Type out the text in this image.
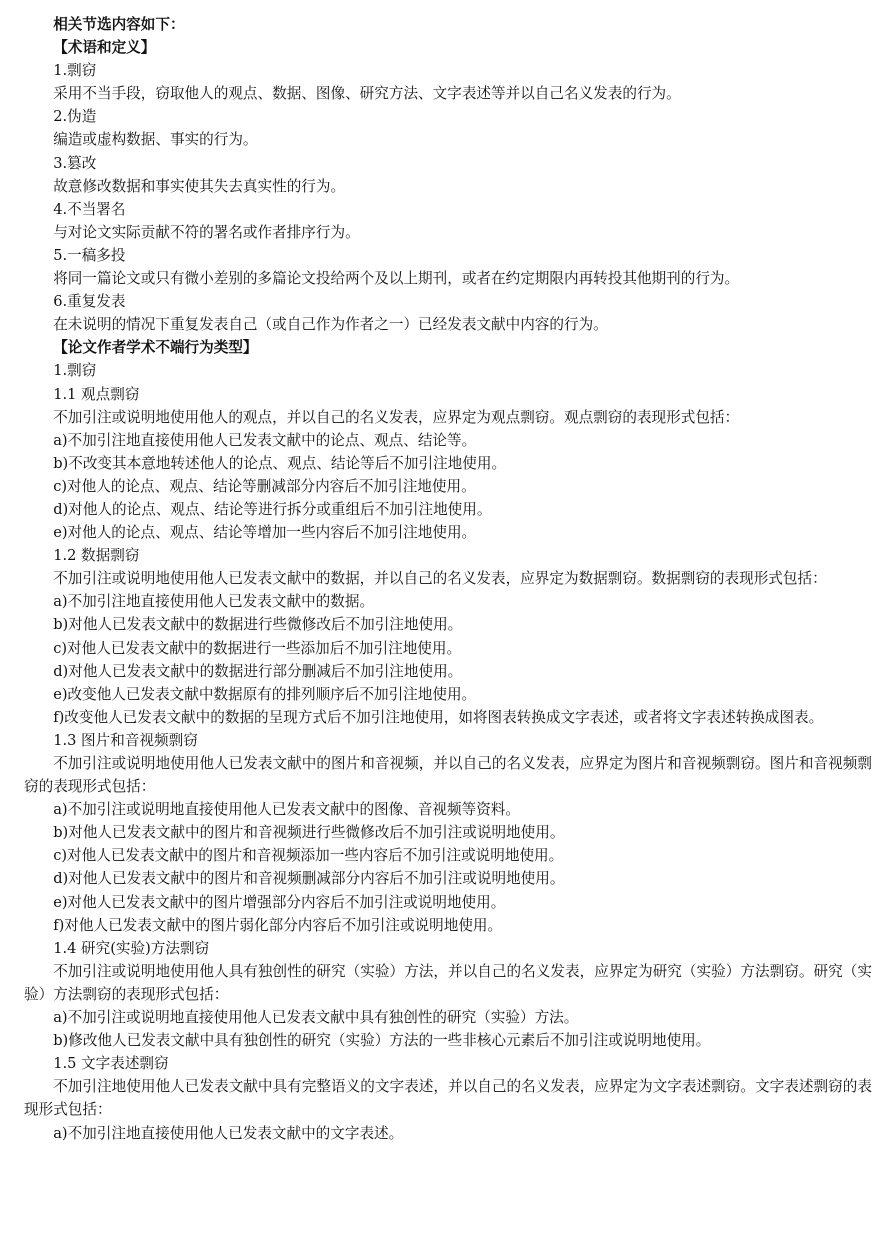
相关节选内容如下：

【术语和定义】

1.剽窃

采用不当手段，窃取他人的观点、数据、图像、研究方法、文字表述等并以自己名义发表的行为。

2.伪造

编造或虚构数据、事实的行为。

3.篡改

故意修改数据和事实使其失去真实性的行为。

4.不当署名

与对论文实际贡献不符的署名或作者排序行为。

5.一稿多投

将同一篇论文或只有微小差别的多篇论文投给两个及以上期刊，或者在约定期限内再转投其他期刊的行为。

6.重复发表

在未说明的情况下重复发表自己（或自己作为作者之一）已经发表文献中内容的行为。

【论文作者学术不端行为类型】

1.剽窃

1.1 观点剽窃

不加引注或说明地使用他人的观点，并以自己的名义发表，应界定为观点剽窃。观点剽窃的表现形式包括：

a)不加引注地直接使用他人已发表文献中的论点、观点、结论等。

b)不改变其本意地转述他人的论点、观点、结论等后不加引注地使用。

c)对他人的论点、观点、结论等删减部分内容后不加引注地使用。

d)对他人的论点、观点、结论等进行拆分或重组后不加引注地使用。

e)对他人的论点、观点、结论等增加一些内容后不加引注地使用。

1.2 数据剽窃

不加引注或说明地使用他人已发表文献中的数据，并以自己的名义发表，应界定为数据剽窃。数据剽窃的表现形式包括：

a)不加引注地直接使用他人已发表文献中的数据。

b)对他人已发表文献中的数据进行些微修改后不加引注地使用。

c)对他人已发表文献中的数据进行一些添加后不加引注地使用。

d)对他人已发表文献中的数据进行部分删减后不加引注地使用。

e)改变他人已发表文献中数据原有的排列顺序后不加引注地使用。

f)改变他人已发表文献中的数据的呈现方式后不加引注地使用，如将图表转换成文字表述，或者将文字表述转换成图表。

1.3 图片和音视频剽窃

不加引注或说明地使用他人已发表文献中的图片和音视频，并以自己的名义发表，应界定为图片和音视频剽窃。图片和音视频剽窃的表现形式包括：

a)不加引注或说明地直接使用他人已发表文献中的图像、音视频等资料。

b)对他人已发表文献中的图片和音视频进行些微修改后不加引注或说明地使用。

c)对他人已发表文献中的图片和音视频添加一些内容后不加引注或说明地使用。

d)对他人已发表文献中的图片和音视频删减部分内容后不加引注或说明地使用。

e)对他人已发表文献中的图片增强部分内容后不加引注或说明地使用。

f)对他人已发表文献中的图片弱化部分内容后不加引注或说明地使用。

1.4 研究(实验)方法剽窃

不加引注或说明地使用他人具有独创性的研究（实验）方法，并以自己的名义发表，应界定为研究（实验）方法剽窃。研究（实验）方法剽窃的表现形式包括：

a)不加引注或说明地直接使用他人已发表文献中具有独创性的研究（实验）方法。

b)修改他人已发表文献中具有独创性的研究（实验）方法的一些非核心元素后不加引注或说明地使用。

1.5 文字表述剽窃

不加引注地使用他人已发表文献中具有完整语义的文字表述，并以自己的名义发表，应界定为文字表述剽窃。文字表述剽窃的表现形式包括：

a)不加引注地直接使用他人已发表文献中的文字表述。
